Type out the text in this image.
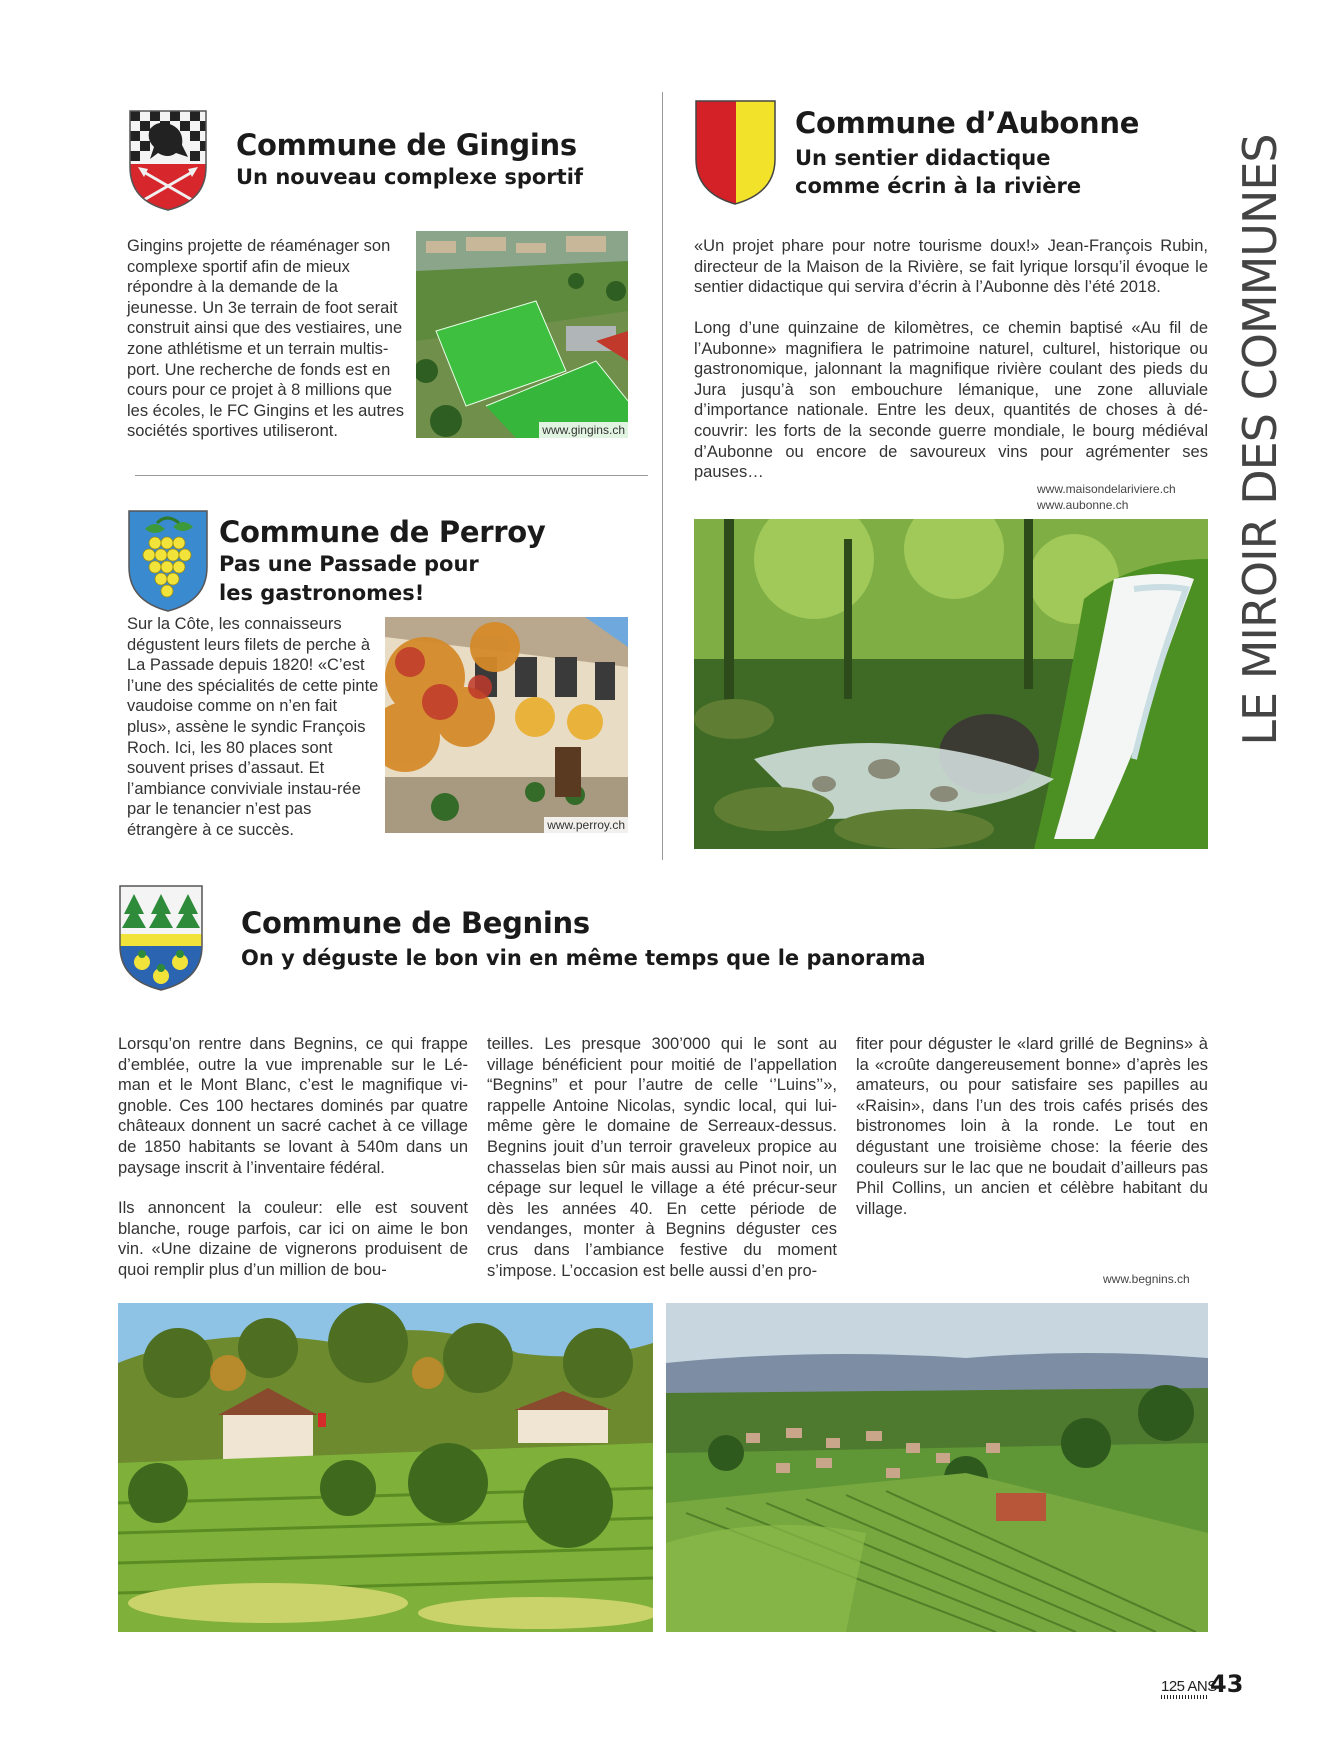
Commune de Gingins
Un nouveau complexe sportif

Gingins projette de réaménager son complexe sportif afin de mieux répondre à la demande de la jeunesse. Un 3e terrain de foot serait construit ainsi que des vestiaires, une zone athlétisme et un terrain multis-port. Une recherche de fonds est en cours pour ce projet à 8 millions que les écoles, le FC Gingins et les autres sociétés sportives utiliseront.	www.gingins.ch
Commune de Perroy
Pas une Passade pour
les gastronomes!

Sur la Côte, les connaisseurs dégustent leurs filets de perche à La Passade depuis 1820! «C’est l’une des spécialités de cette pinte vaudoise comme on n’en fait plus», assène le syndic François Roch. Ici, les 80 places sont souvent prises d’assaut. Et l’ambiance conviviale instau-rée par le tenancier n’est pas étrangère à ce succès.	www.perroy.ch
Commune d’Aubonne
Un sentier didactique
comme écrin à la rivière

«Un projet phare pour notre tourisme doux!» Jean-François Rubin, directeur de la Maison de la Rivière, se fait lyrique lorsqu’il évoque le sentier didactique qui servira d’écrin à l’Aubonne dès l’été 2018.

Long d’une quinzaine de kilomètres, ce chemin baptisé «Au fil de l’Aubonne» magnifiera le patrimoine naturel, culturel, historique ou gastronomique, jalonnant la magnifique rivière coulant des pieds du Jura jusqu’à son embouchure lémanique, une zone alluviale d’importance nationale. Entre les deux, quantités de choses à dé-couvrir: les forts de la seconde guerre mondiale, le bourg médiéval d’Aubonne ou encore de savoureux vins pour agrémenter ses pauses…

www.maisondelariviere.ch
www.aubonne.ch LE MIROIR DES COMMUNES
Commune de Begnins
On y déguste le bon vin en même temps que le panorama

Lorsqu’on rentre dans Begnins, ce qui frappe d’emblée, outre la vue imprenable sur le Lé-man et le Mont Blanc, c’est le magnifique vi-gnoble. Ces 100 hectares dominés par quatre châteaux donnent un sacré cachet à ce village de 1850 habitants se lovant à 540m dans un paysage inscrit à l’inventaire fédéral.

Ils annoncent la couleur: elle est souvent blanche, rouge parfois, car ici on aime le bon vin. «Une dizaine de vignerons produisent de quoi remplir plus d’un million de bou-

teilles. Les presque 300’000 qui le sont au village bénéficient pour moitié de l’appellation “Begnins” et pour l’autre de celle ‘’Luins’’», rappelle Antoine Nicolas, syndic local, qui lui-même gère le domaine de Serreaux-dessus. Begnins jouit d’un terroir graveleux propice au chasselas bien sûr mais aussi au Pinot noir, un cépage sur lequel le village a été précur-seur dès les années 40. En cette période de vendanges, monter à Begnins déguster ces crus dans l’ambiance festive du moment s’impose. L’occasion est belle aussi d’en pro-

fiter pour déguster le «lard grillé de Begnins» à la «croûte dangereusement bonne» d’après les amateurs, ou pour satisfaire ses papilles au «Raisin», dans l’un des trois cafés prisés des bistronomes loin à la ronde. Le tout en dégustant une troisième chose: la féerie des couleurs sur le lac que ne boudait d’ailleurs pas Phil Collins, un ancien et célèbre habitant du village.

www.begnins.ch
125 ANS
43
